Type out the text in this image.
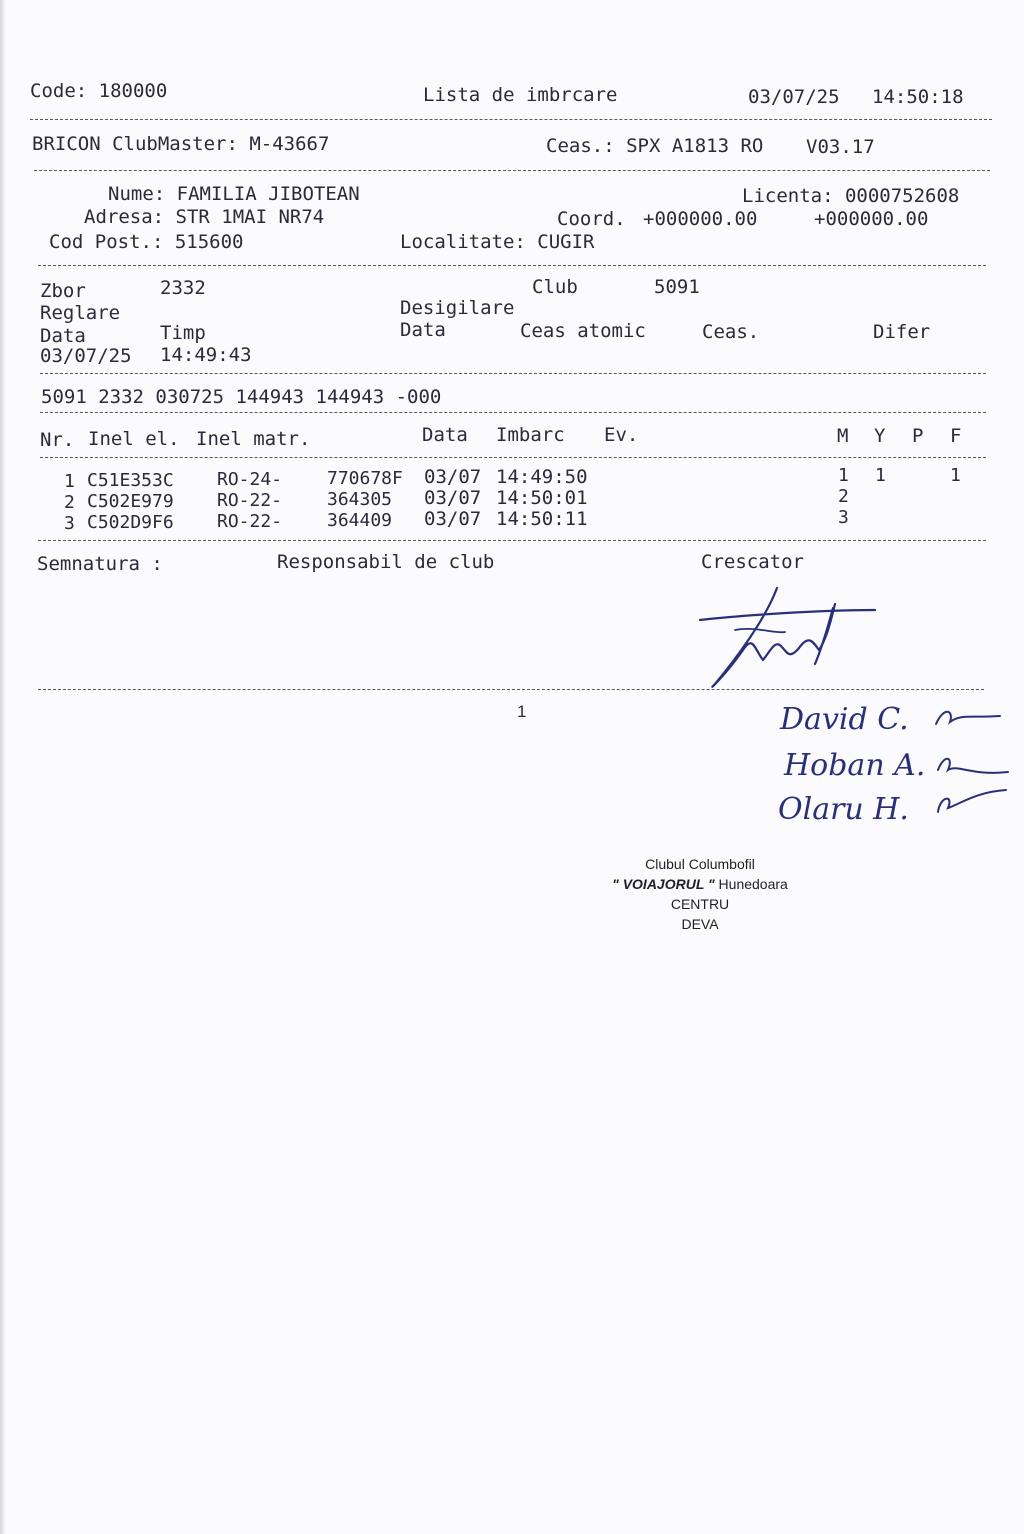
Code: 180000	Lista de imbrcare	03/07/25 14:50:18
BRICON ClubMaster: M-43667	Ceas.: SPX A1813 RO V03.17
Nume: FAMILIA JIBOTEAN	Licenta: 0000752608
Adresa: STR 1MAI NR74	Coord. +000000.00	+000000.00
Cod Post.: 515600	Localitate: CUGIR
Zbor	2332	Club	5091
Reglare	Desigilare
Data	Timp	Data	Ceas atomic	Ceas.	Difer
03/07/25 14:49:43
5091 2332 030725 144943 144943 -000
Nr. Inel el. Inel matr.	Data Imbarc Ev.	M Y P F
1 C51E353C RO-24- 770678F 03/07 14:49:50	1 1	1
2 C502E979 RO-22- 364305 03/07 14:50:01	2
3 C502D9F6 RO-22- 364409 03/07 14:50:11	3
Semnatura :	Responsabil de club	Crescator
1	David C.
Hoban A.
Olaru H.
Clubul Columbofil
" VOIAJORUL " Hunedoara
CENTRU
DEVA
